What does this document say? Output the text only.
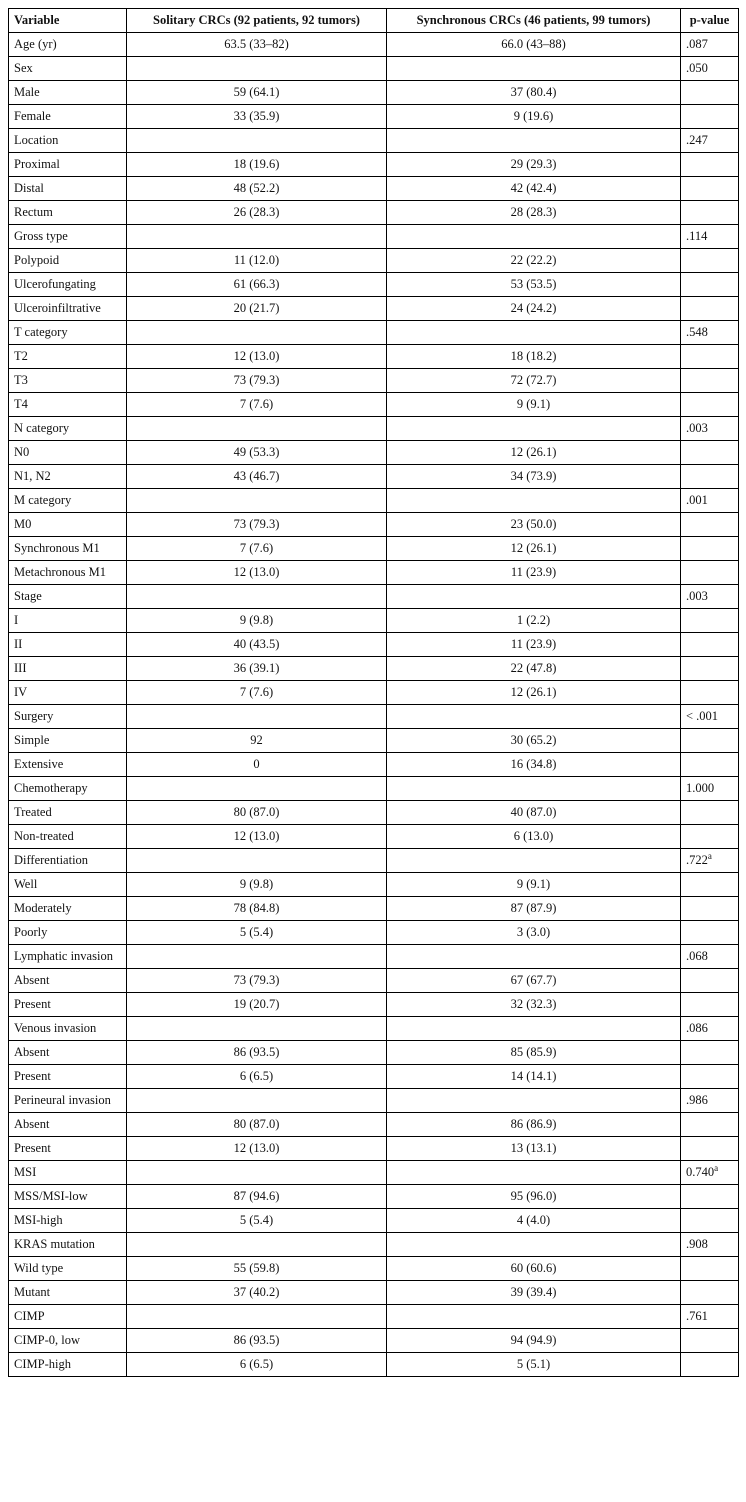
Variable	Solitary CRCs (92 patients, 92 tumors)	Synchronous CRCs (46 patients, 99 tumors)	p-value
Age (yr)	63.5 (33–82)	66.0 (43–88)	.087
Sex			.050
Male	59 (64.1)	37 (80.4)	
Female	33 (35.9)	9 (19.6)	
Location			.247
Proximal	18 (19.6)	29 (29.3)	
Distal	48 (52.2)	42 (42.4)	
Rectum	26 (28.3)	28 (28.3)	
Gross type			.114
Polypoid	11 (12.0)	22 (22.2)	
Ulcerofungating	61 (66.3)	53 (53.5)	
Ulceroinfiltrative	20 (21.7)	24 (24.2)	
T category			.548
T2	12 (13.0)	18 (18.2)	
T3	73 (79.3)	72 (72.7)	
T4	7 (7.6)	9 (9.1)	
N category			.003
N0	49 (53.3)	12 (26.1)	
N1, N2	43 (46.7)	34 (73.9)	
M category			.001
M0	73 (79.3)	23 (50.0)	
Synchronous M1	7 (7.6)	12 (26.1)	
Metachronous M1	12 (13.0)	11 (23.9)	
Stage			.003
I	9 (9.8)	1 (2.2)	
II	40 (43.5)	11 (23.9)	
III	36 (39.1)	22 (47.8)	
IV	7 (7.6)	12 (26.1)	
Surgery			< .001
Simple	92	30 (65.2)	
Extensive	0	16 (34.8)	
Chemotherapy			1.000
Treated	80 (87.0)	40 (87.0)	
Non-treated	12 (13.0)	6 (13.0)	
Differentiation			.722$^a$
Well	9 (9.8)	9 (9.1)	
Moderately	78 (84.8)	87 (87.9)	
Poorly	5 (5.4)	3 (3.0)	
Lymphatic invasion			.068
Absent	73 (79.3)	67 (67.7)	
Present	19 (20.7)	32 (32.3)	
Venous invasion			.086
Absent	86 (93.5)	85 (85.9)	
Present	6 (6.5)	14 (14.1)	
Perineural invasion			.986
Absent	80 (87.0)	86 (86.9)	
Present	12 (13.0)	13 (13.1)	
MSI			0.740$^a$
MSS/MSI-low	87 (94.6)	95 (96.0)	
MSI-high	5 (5.4)	4 (4.0)	
KRAS mutation			.908
Wild type	55 (59.8)	60 (60.6)	
Mutant	37 (40.2)	39 (39.4)	
CIMP			.761
CIMP-0, low	86 (93.5)	94 (94.9)	
CIMP-high	6 (6.5)	5 (5.1)	
